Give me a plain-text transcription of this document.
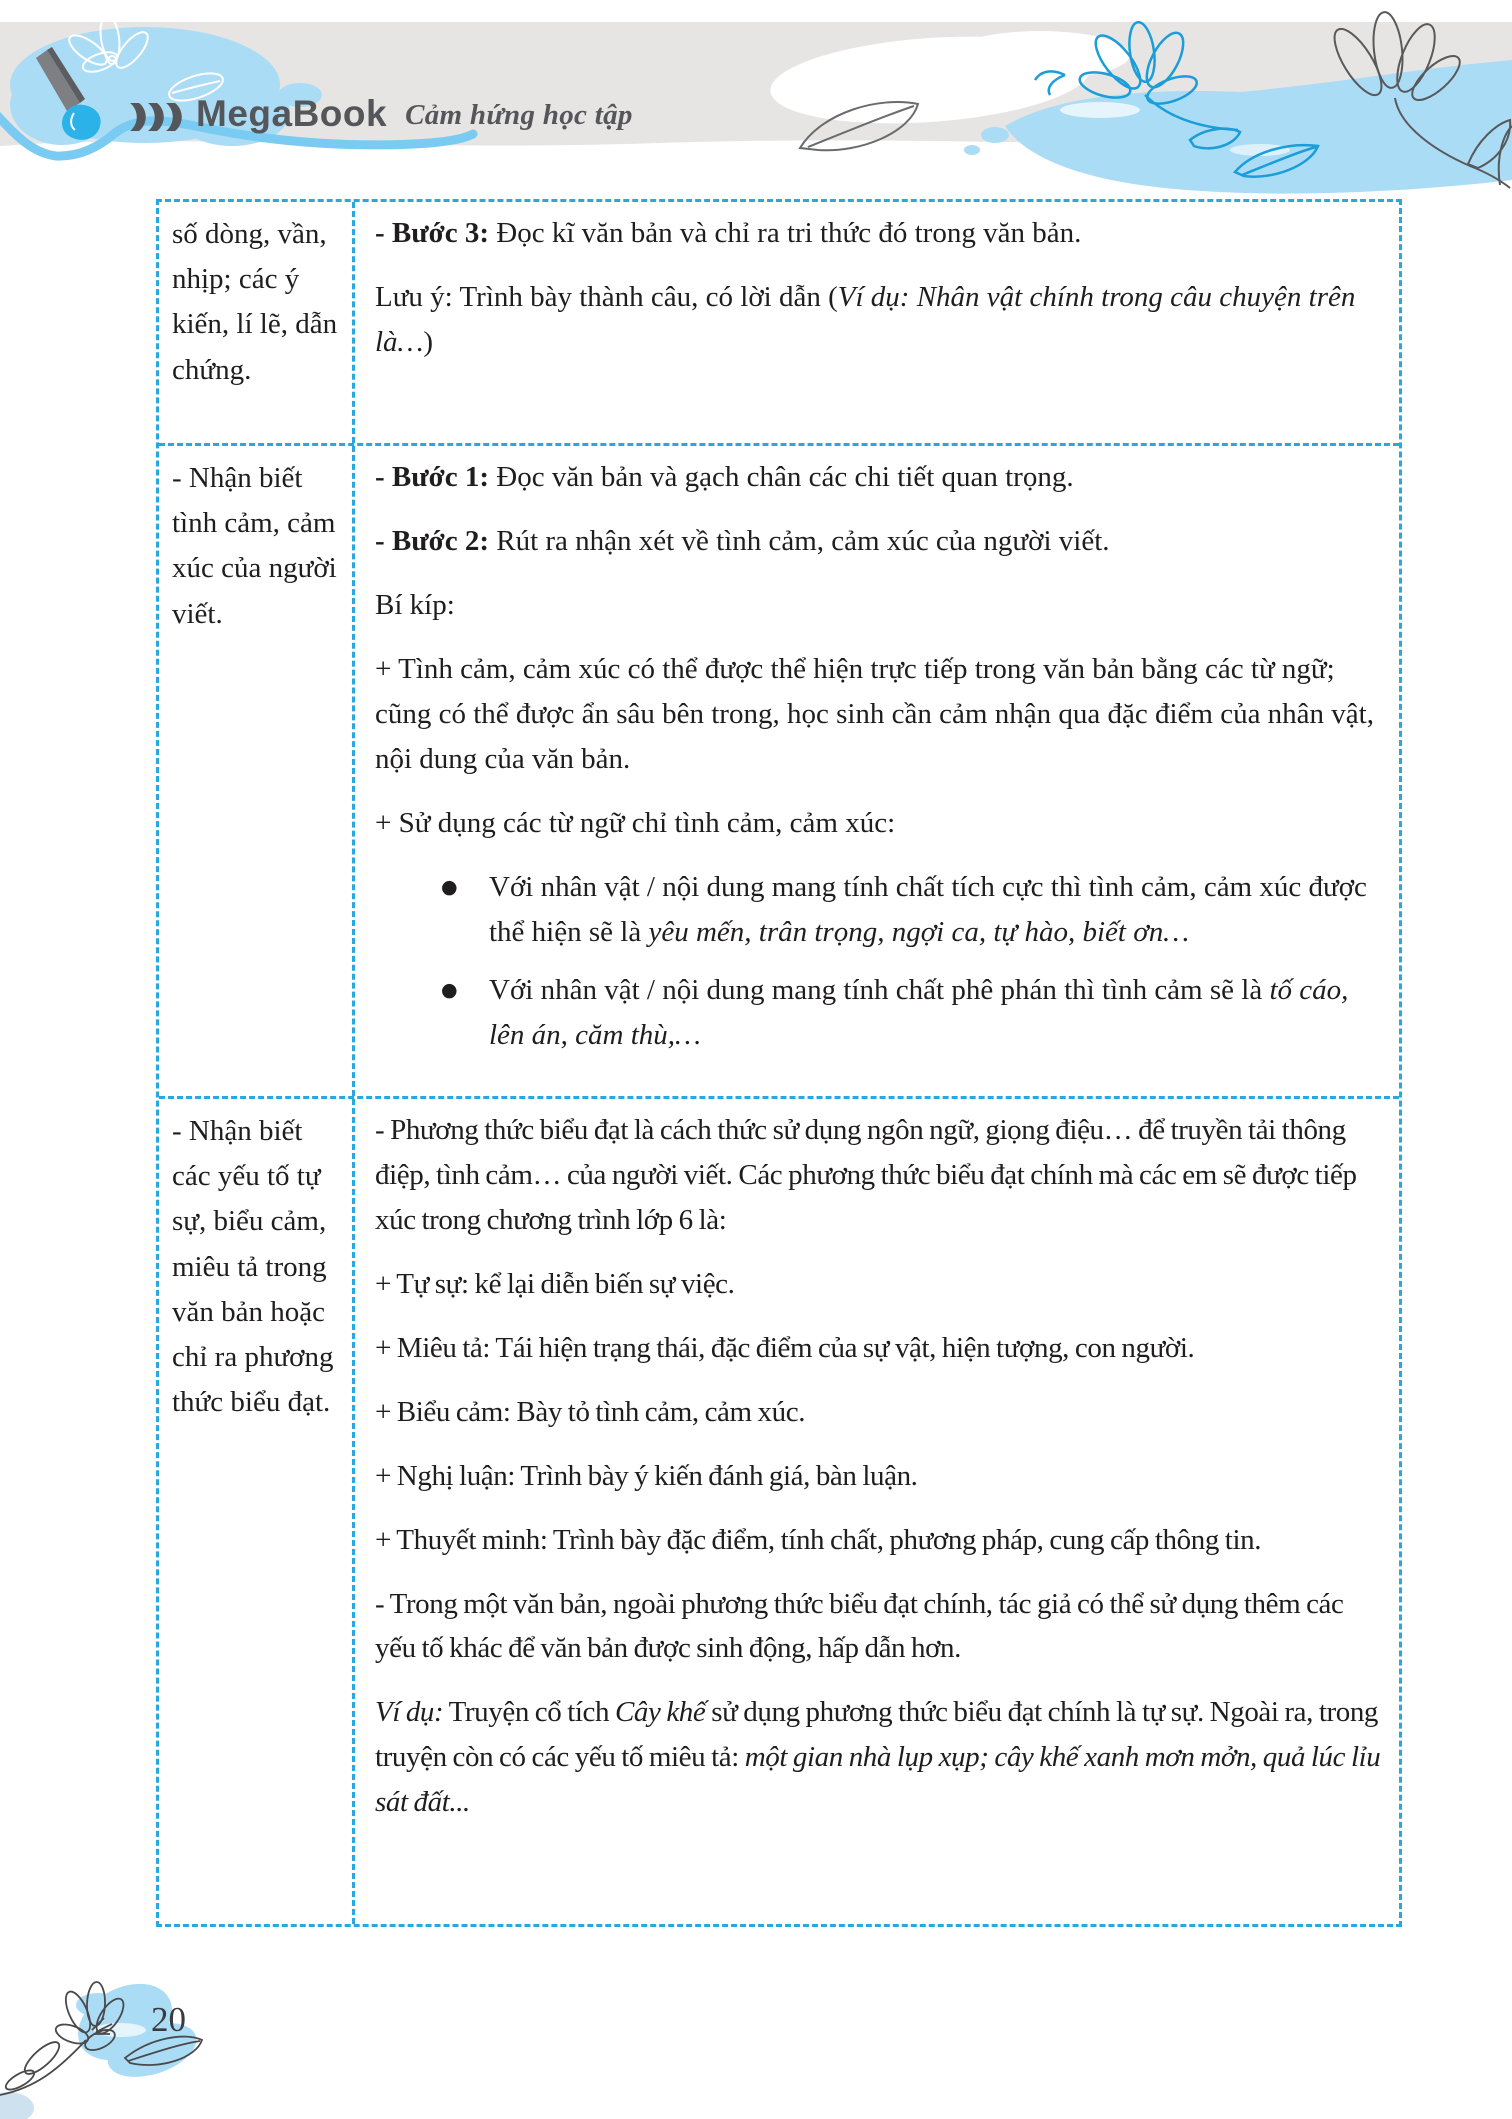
MegaBook Cảm hứng học tập
số dòng, vần, nhịp; các ý kiến, lí lẽ, dẫn chứng.
- Bước 3: Đọc kĩ văn bản và chỉ ra tri thức đó trong văn bản.
Lưu ý: Trình bày thành câu, có lời dẫn (Ví dụ: Nhân vật chính trong câu chuyện trên là…)
- Nhận biết tình cảm, cảm xúc của người viết.
- Bước 1: Đọc văn bản và gạch chân các chi tiết quan trọng.
- Bước 2: Rút ra nhận xét về tình cảm, cảm xúc của người viết.
Bí kíp:
+ Tình cảm, cảm xúc có thể được thể hiện trực tiếp trong văn bản bằng các từ ngữ; cũng có thể được ẩn sâu bên trong, học sinh cần cảm nhận qua đặc điểm của nhân vật, nội dung của văn bản.
+ Sử dụng các từ ngữ chỉ tình cảm, cảm xúc:
●	Với nhân vật / nội dung mang tính chất tích cực thì tình cảm, cảm xúc được thể hiện sẽ là yêu mến, trân trọng, ngợi ca, tự hào, biết ơn…
●	Với nhân vật / nội dung mang tính chất phê phán thì tình cảm sẽ là tố cáo, lên án, căm thù,…
- Nhận biết các yếu tố tự sự, biểu cảm, miêu tả trong văn bản hoặc chỉ ra phương thức biểu đạt.
- Phương thức biểu đạt là cách thức sử dụng ngôn ngữ, giọng điệu… để truyền tải thông điệp, tình cảm… của người viết. Các phương thức biểu đạt chính mà các em sẽ được tiếp xúc trong chương trình lớp 6 là:
+ Tự sự: kể lại diễn biến sự việc.
+ Miêu tả: Tái hiện trạng thái, đặc điểm của sự vật, hiện tượng, con người.
+ Biểu cảm: Bày tỏ tình cảm, cảm xúc.
+ Nghị luận: Trình bày ý kiến đánh giá, bàn luận.
+ Thuyết minh: Trình bày đặc điểm, tính chất, phương pháp, cung cấp thông tin.
- Trong một văn bản, ngoài phương thức biểu đạt chính, tác giả có thể sử dụng thêm các yếu tố khác để văn bản được sinh động, hấp dẫn hơn.
Ví dụ: Truyện cổ tích Cây khế sử dụng phương thức biểu đạt chính là tự sự. Ngoài ra, trong truyện còn có các yếu tố miêu tả: một gian nhà lụp xụp; cây khế xanh mơn mởn, quả lúc lỉu sát đất...
20
